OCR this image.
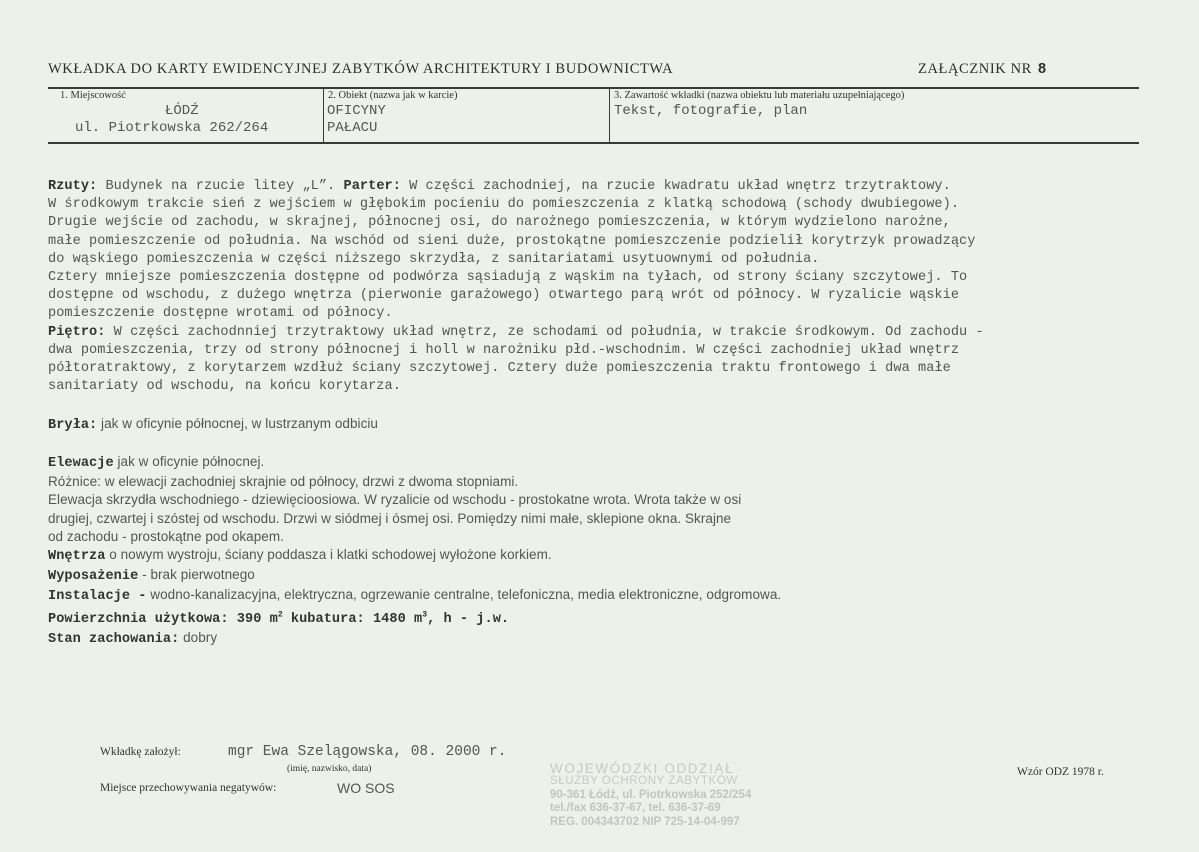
WKŁADKA DO KARTY EWIDENCYJNEJ ZABYTKÓW ARCHITEKTURY I BUDOWNICTWA	ZAŁĄCZNIK NR 8
1. Miejscowość
ŁÓDŹ
ul. Piotrkowska 262/264
2. Obiekt (nazwa jak w karcie)
OFICYNY
PAŁACU
3. Zawartość wkładki (nazwa obiektu lub materiału uzupełniającego)
Tekst, fotografie, plan

Rzuty: Budynek na rzucie litey „L”. Parter: W części zachodniej, na rzucie kwadratu układ wnętrz trzytraktowy.

W środkowym trakcie sień z wejściem w głębokim pocieniu do pomieszczenia z klatką schodową (schody dwubiegowe).

Drugie wejście od zachodu, w skrajnej, północnej osi, do narożnego pomieszczenia, w którym wydzielono narożne,

małe pomieszczenie od południa. Na wschód od sieni duże, prostokątne pomieszczenie podzielił korytrzyk prowadzący

do wąskiego pomieszczenia w części niższego skrzydła, z sanitariatami usytuownymi od południa.

Cztery mniejsze pomieszczenia dostępne od podwórza sąsiadują z wąskim na tyłach, od strony ściany szczytowej. To

dostępne od wschodu, z dużego wnętrza (pierwonie garażowego) otwartego parą wrót od północy. W ryzalicie wąskie

pomieszczenie dostępne wrotami od północy.

Piętro: W części zachodnniej trzytraktowy układ wnętrz, ze schodami od południa, w trakcie środkowym. Od zachodu -

dwa pomieszczenia, trzy od strony północnej i holl w narożniku płd.-wschodnim. W części zachodniej układ wnętrz

półtoratraktowy, z korytarzem wzdłuż ściany szczytowej. Cztery duże pomieszczenia traktu frontowego i dwa małe

sanitariaty od wschodu, na końcu korytarza.

Bryła: jak w oficynie północnej, w lustrzanym odbiciu

Elewacje jak w oficynie północnej.

Różnice: w elewacji zachodniej skrajnie od północy, drzwi z dwoma stopniami.

Elewacja skrzydła wschodniego - dziewięcioosiowa. W ryzalicie od wschodu - prostokatne wrota. Wrota także w osi

drugiej, czwartej i szóstej od wschodu. Drzwi w siódmej i ósmej osi. Pomiędzy nimi małe, sklepione okna. Skrajne

od zachodu - prostokątne pod okapem.

Wnętrza o nowym wystroju, ściany poddasza i klatki schodowej wyłożone korkiem.

Wyposażenie - brak pierwotnego

Instalacje - wodno-kanalizacyjna, elektryczna, ogrzewanie centralne, telefoniczna, media elektroniczne, odgromowa.

Powierzchnia użytkowa: 390 $m^2$ kubatura: 1480 $m^3$, h - j.w.

Stan zachowania: dobry

Wkładkę założył:	mgr Ewa Szelągowska, 08. 2000 r.
(imię, nazwisko, data)
Miejsce przechowywania negatywów:	WO SOS
Wzór ODZ 1978 r.
WOJEWÓDZKI ODDZIAŁ
SŁUŻBY OCHRONY ZABYTKÓW
90-361 Łódź, ul. Piotrkowska 252/254
tel./fax 636-37-67, tel. 636-37-69
REG. 004343702 NIP 725-14-04-997
